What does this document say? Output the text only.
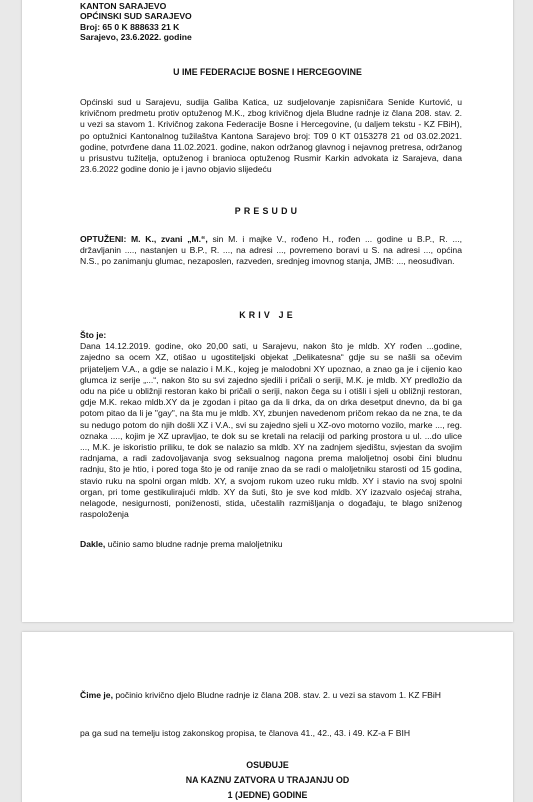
KANTON SARAJEVO
OPĆINSKI SUD SARAJEVO
Broj: 65 0 K 888633 21 K
Sarajevo, 23.6.2022. godine
U IME FEDERACIJE BOSNE I HERCEGOVINE
Općinski sud u Sarajevu, sudija Galiba Katica, uz sudjelovanje zapisničara Senide Kurtović, u krivičnom predmetu protiv optuženog M.K., zbog krivičnog djela Bludne radnje iz člana 208. stav. 2. u vezi sa stavom 1. Krivičnog zakona Federacije Bosne i Hercegovine, (u daljem tekstu - KZ FBiH), po optužnici Kantonalnog tužilaštva Kantona Sarajevo broj: T09 0 KT 0153278 21 od 03.02.2021. godine, potvrđene dana 11.02.2021. godine, nakon održanog glavnog i nejavnog pretresa, održanog u prisustvu tužitelja, optuženog i branioca optuženog Rusmir Karkin advokata iz Sarajeva, dana 23.6.2022 godine donio je i javno objavio slijedeću
PRESUDU
OPTUŽENI: M. K., zvani „M.“, sin M. i majke V., rođeno H., rođen ... godine u B.P., R. ..., državljanin ...., nastanjen u B.P., R. ..., na adresi ..., povremeno boravi u S. na adresi ..., općina N.S., po zanimanju glumac, nezaposlen, razveden, srednjeg imovnog stanja, JMB: ..., neosuđivan.
KRIV JE
Što je:
Dana 14.12.2019. godine, oko 20,00 sati, u Sarajevu, nakon što je mldb. XY rođen ...godine, zajedno sa ocem XZ, otišao u ugostiteljski objekat „Delikatesna“ gdje su se našli sa očevim prijateljem V.A., a gdje se nalazio i M.K., kojeg je malodobni XY upoznao, a znao ga je i cijenio kao glumca iz serije „...“, nakon što su svi zajedno sjedili i pričali o seriji, M.K. je mldb. XY predložio da odu na piće u obližnji restoran kako bi pričali o seriji, nakon čega su i otišli i sjeli u obližnji restoran, gdje M.K. rekao mldb.XY da je zgodan i pitao ga da li drka, da on drka desetput dnevno, da bi ga potom pitao da li je "gay", na šta mu je mldb. XY, zbunjen navedenom pričom rekao da ne zna, te da su nedugo potom do njih došli XZ i V.A., svi su zajedno sjeli u XZ-ovo motorno vozilo, marke ..., reg. oznaka ...., kojim je XZ upravljao, te dok su se kretali na relaciji od parking prostora u ul. ...do ulice ..., M.K. je iskoristio priliku, te dok se nalazio sa mldb. XY na zadnjem sjedištu, svjestan da svojim radnjama, a radi zadovoljavanja svog seksualnog nagona prema maloljetnoj osobi čini bludnu radnju, što je htio, i pored toga što je od ranije znao da se radi o maloljetniku starosti od 15 godina, stavio ruku na spolni organ mldb. XY, a svojom rukom uzeo ruku mldb. XY i stavio na svoj spolni organ, pri tome gestikulirajući mldb. XY da šuti, što je sve kod mldb. XY izazvalo osjećaj straha, nelagode, nesigurnosti, poniženosti, stida, učestalih razmišljanja o događaju, te blago sniženog raspoloženja
Dakle, učinio samo bludne radnje prema maloljetniku
Čime je, počinio krivično djelo Bludne radnje iz člana 208. stav. 2. u vezi sa stavom 1. KZ FBiH
pa ga sud na temelju istog zakonskog propisa, te članova 41., 42., 43. i 49. KZ-a F BIH
OSUĐUJE
NA KAZNU ZATVORA U TRAJANJU OD
1 (JEDNE) GODINE
